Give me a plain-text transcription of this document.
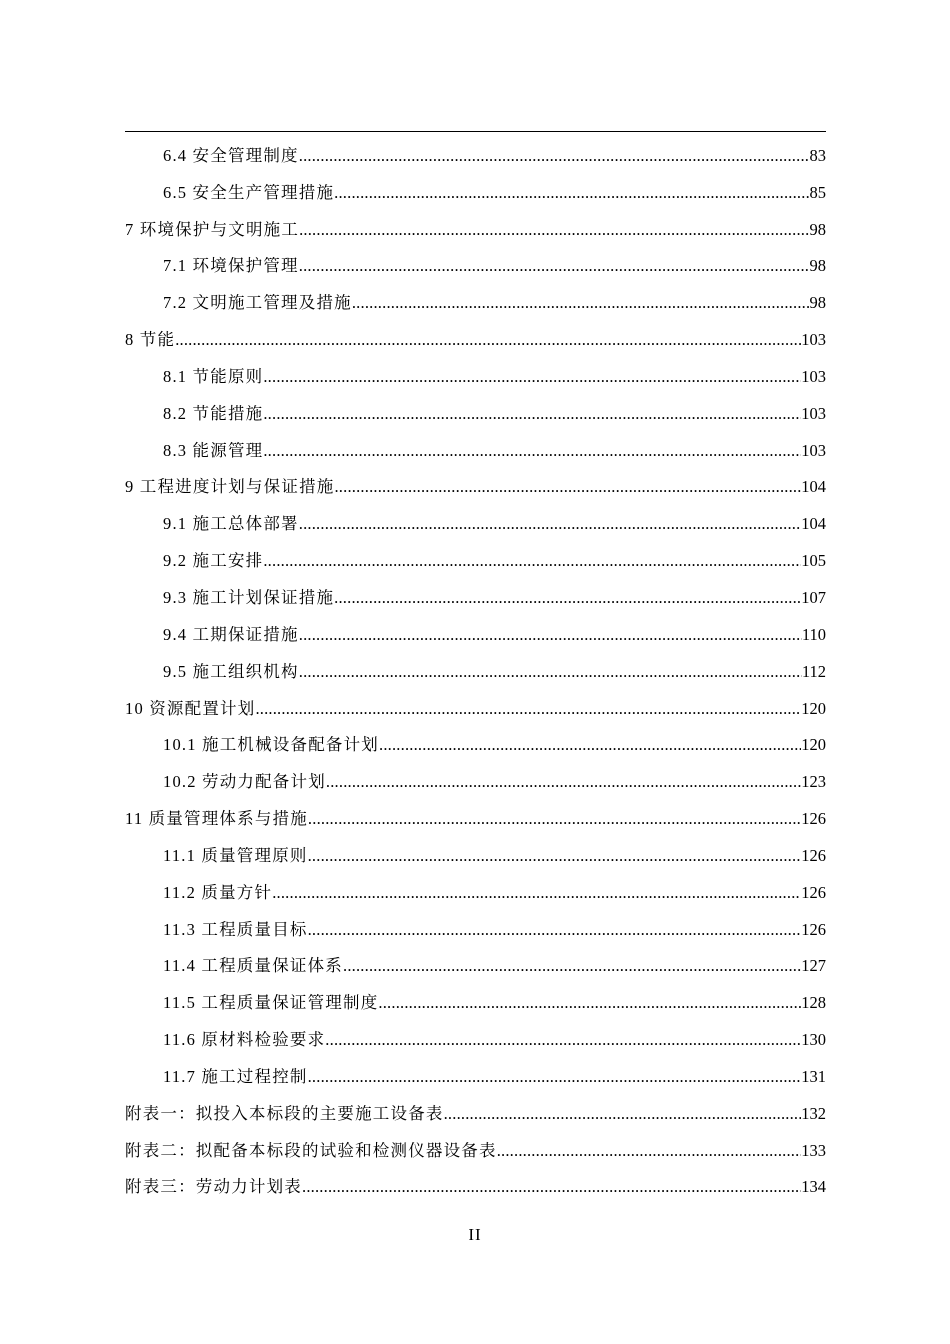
6.4 安全管理制度 .....	83
6.5 安全生产管理措施 .....	85
7 环境保护与文明施工 .....	98
7.1 环境保护管理 .....	98
7.2 文明施工管理及措施 .....	98
8 节能 .....	103
8.1 节能原则 .....	103
8.2 节能措施 .....	103
8.3 能源管理 .....	103
9 工程进度计划与保证措施 .....	104
9.1 施工总体部署 .....	104
9.2 施工安排 .....	105
9.3 施工计划保证措施 .....	107
9.4 工期保证措施 .....	110
9.5 施工组织机构 .....	112
10 资源配置计划 .....	120
10.1 施工机械设备配备计划 .....	120
10.2 劳动力配备计划 .....	123
11 质量管理体系与措施 .....	126
11.1 质量管理原则 .....	126
11.2 质量方针 .....	126
11.3 工程质量目标 .....	126
11.4 工程质量保证体系 .....	127
11.5 工程质量保证管理制度 .....	128
11.6 原材料检验要求 .....	130
11.7 施工过程控制 .....	131
附表一：拟投入本标段的主要施工设备表 .....	132
附表二：拟配备本标段的试验和检测仪器设备表 .....	133
附表三：劳动力计划表 .....	134
II
